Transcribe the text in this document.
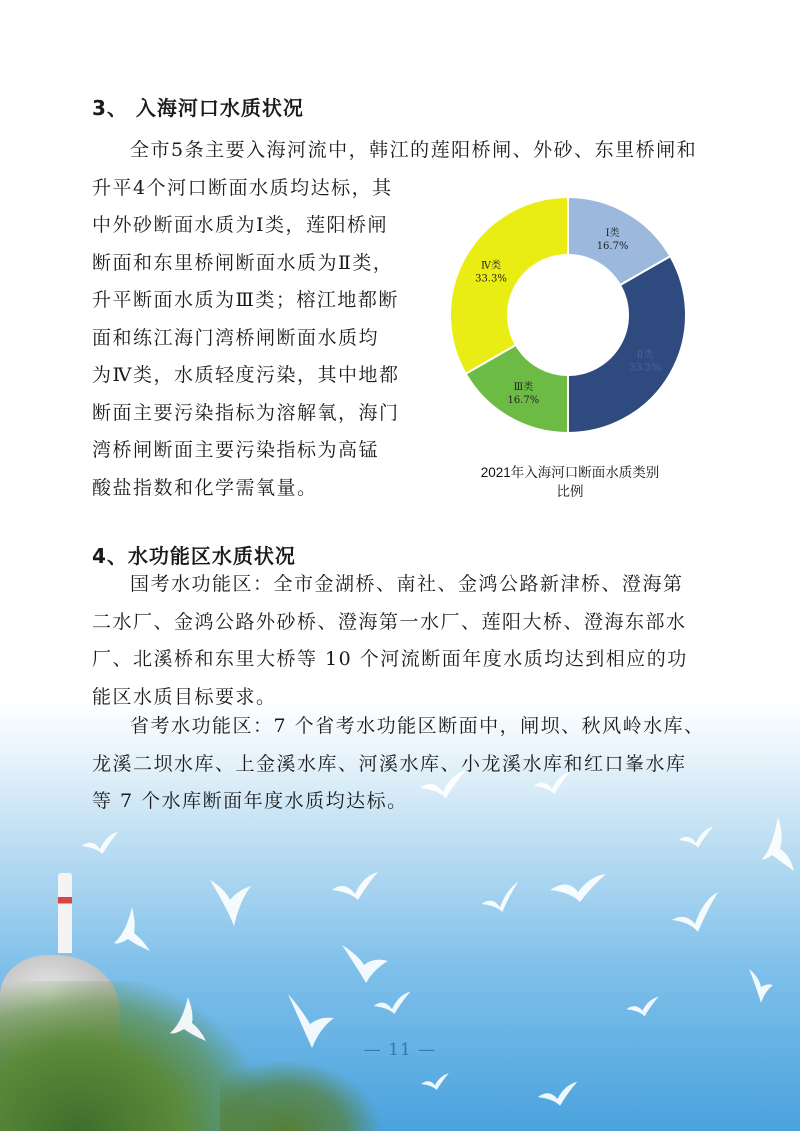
3、 入海河口水质状况
全市5条主要入海河流中，韩江的莲阳桥闸、外砂、东里桥闸和
升平4个河口断面水质均达标，其
中外砂断面水质为Ⅰ类，莲阳桥闸
断面和东里桥闸断面水质为Ⅱ类，
升平断面水质为Ⅲ类；榕江地都断
面和练江海门湾桥闸断面水质均
为Ⅳ类，水质轻度污染，其中地都
断面主要污染指标为溶解氧，海门
湾桥闸断面主要污染指标为高锰
酸盐指数和化学需氧量。
Ⅰ类
16.7%
Ⅱ类
33.3%
Ⅲ类
16.7%
Ⅳ类
33.3%
2021年入海河口断面水质类别
比例
4、水功能区水质状况
国考水功能区：全市金湖桥、南社、金鸿公路新津桥、澄海第
二水厂、金鸿公路外砂桥、澄海第一水厂、莲阳大桥、澄海东部水
厂、北溪桥和东里大桥等 10 个河流断面年度水质均达到相应的功
能区水质目标要求。
省考水功能区：7 个省考水功能区断面中，闸坝、秋风岭水库、
龙溪二坝水库、上金溪水库、河溪水库、小龙溪水库和红口峯水库
等 7 个水库断面年度水质均达标。
— 11 —
